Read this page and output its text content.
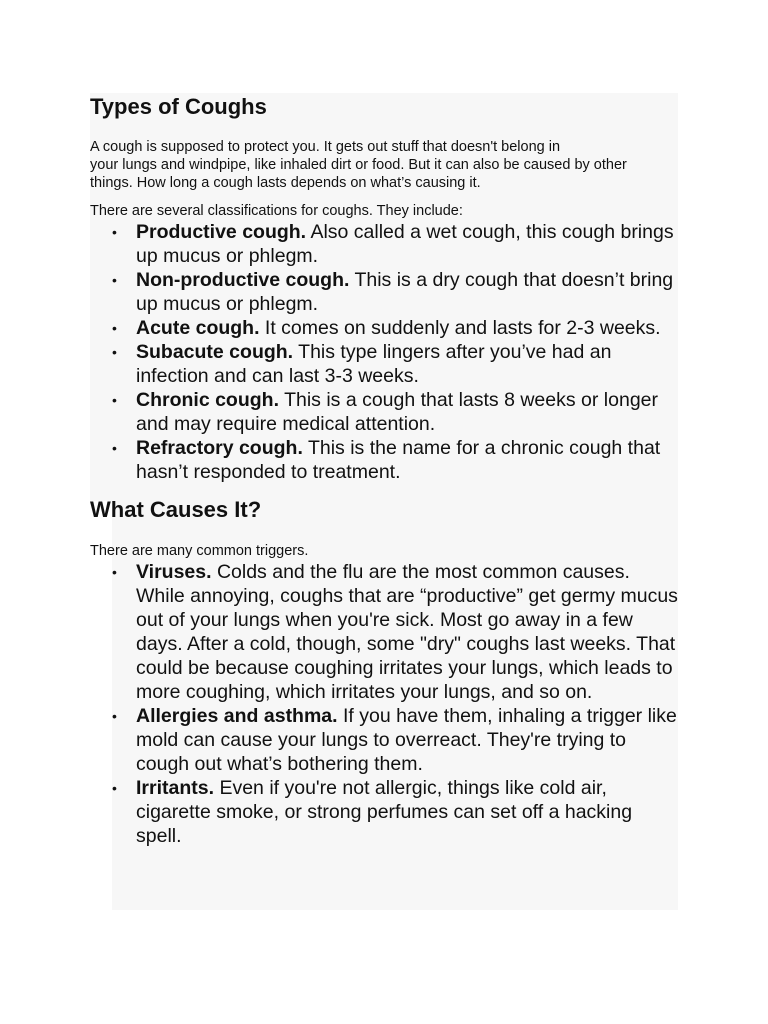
Types of Coughs

A cough is supposed to protect you. It gets out stuff that doesn't belong in
your lungs and windpipe, like inhaled dirt or food. But it can also be caused by other things. How long a cough lasts depends on what’s causing it.

There are several classifications for coughs. They include:

• Productive cough. Also called a wet cough, this cough brings up mucus or phlegm.
• Non-productive cough. This is a dry cough that doesn’t bring up mucus or phlegm.
• Acute cough. It comes on suddenly and lasts for 2-3 weeks.
• Subacute cough. This type lingers after you’ve had an infection and can last 3-3 weeks.
• Chronic cough. This is a cough that lasts 8 weeks or longer and may require medical attention.
• Refractory cough. This is the name for a chronic cough that hasn’t responded to treatment.
What Causes It?

There are many common triggers.

• Viruses. Colds and the flu are the most common causes. While annoying, coughs that are “productive” get germy mucus out of your lungs when you're sick. Most go away in a few days. After a cold, though, some "dry" coughs last weeks. That could be because coughing irritates your lungs, which leads to more coughing, which irritates your lungs, and so on.
• Allergies and asthma. If you have them, inhaling a trigger like mold can cause your lungs to overreact. They're trying to cough out what’s bothering them.
• Irritants. Even if you're not allergic, things like cold air, cigarette smoke, or strong perfumes can set off a hacking spell.
